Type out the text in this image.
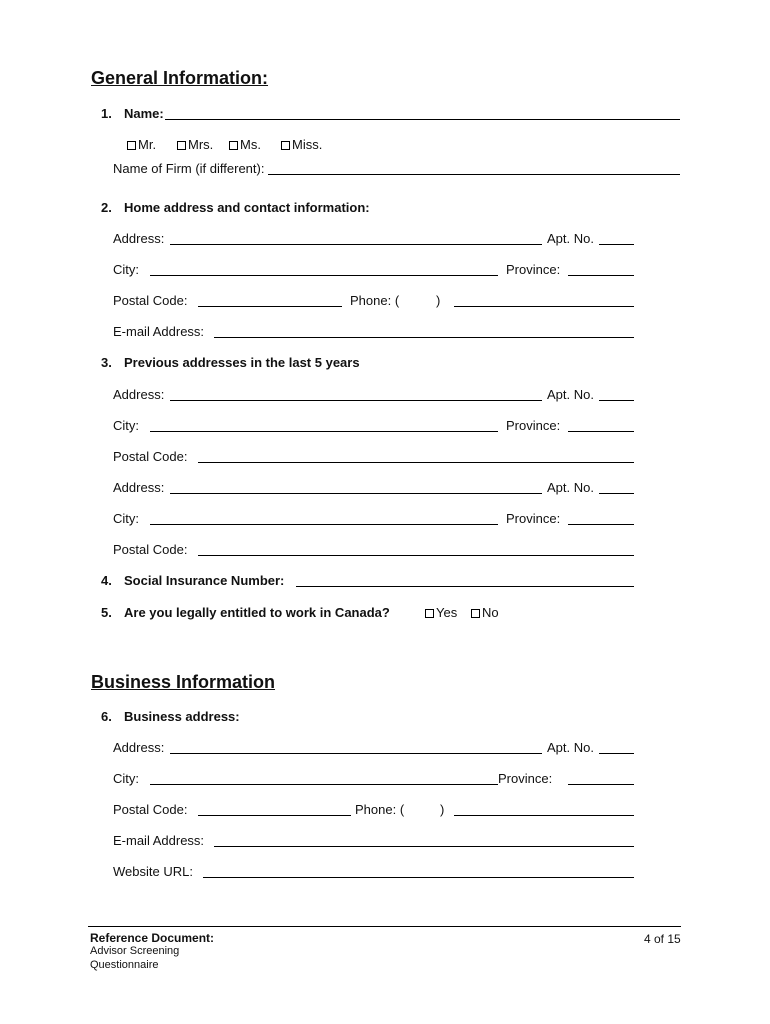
General Information:
1. Name:
Mr.	Mrs.	Ms.	Miss.
Name of Firm (if different):
2. Home address and contact information:
Address:	Apt. No.
City:	Province:
Postal Code:	Phone: (	)
E-mail Address:
3. Previous addresses in the last 5 years
Address:	Apt. No.
City:	Province:
Postal Code:
Address:	Apt. No.
City:	Province:
Postal Code:
4. Social Insurance Number:
5. Are you legally entitled to work in Canada?	Yes	No
Business Information
6. Business address:
Address:	Apt. No.
City:	Province:
Postal Code:	Phone: (	)
E-mail Address:
Website URL:
Reference Document:
Advisor Screening
Questionnaire
4 of 15
